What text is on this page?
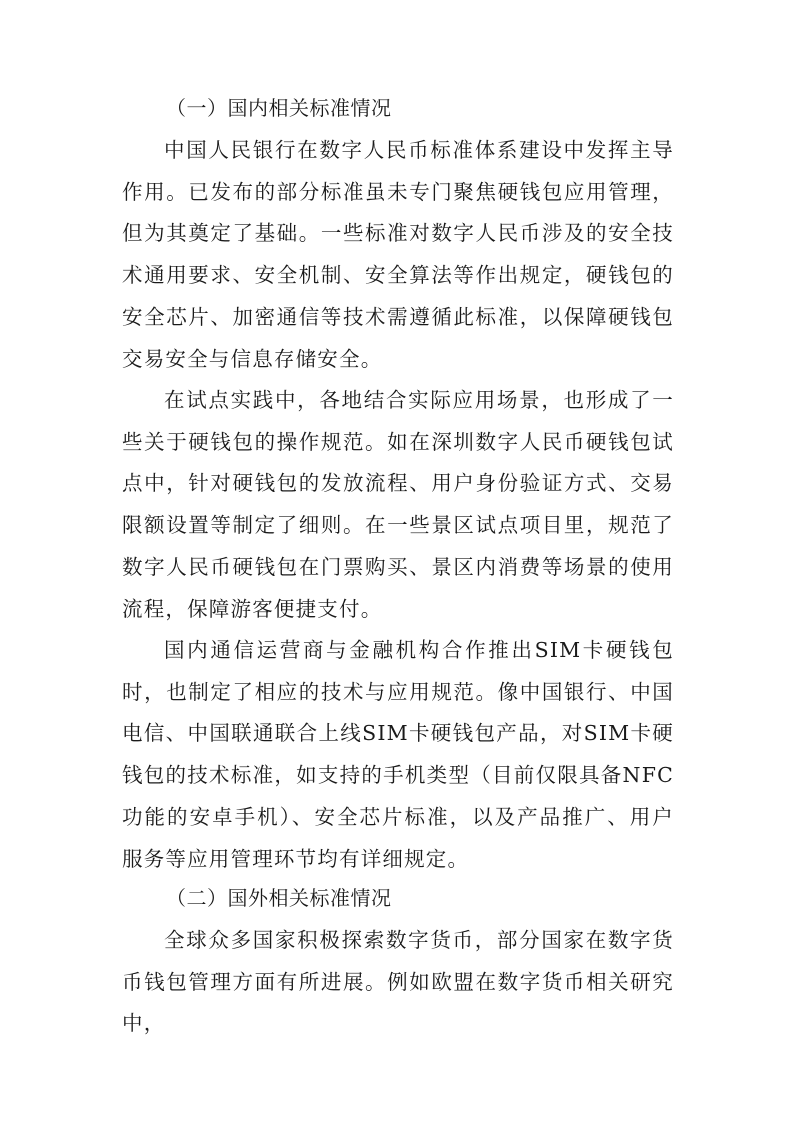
（一）国内相关标准情况

中国人民银行在数字人民币标准体系建设中发挥主导作用。已发布的部分标准虽未专门聚焦硬钱包应用管理，但为其奠定了基础。一些标准对数字人民币涉及的安全技术通用要求、安全机制、安全算法等作出规定，硬钱包的安全芯片、加密通信等技术需遵循此标准，以保障硬钱包交易安全与信息存储安全。

在试点实践中，各地结合实际应用场景，也形成了一些关于硬钱包的操作规范。如在深圳数字人民币硬钱包试点中，针对硬钱包的发放流程、用户身份验证方式、交易限额设置等制定了细则。在一些景区试点项目里，规范了数字人民币硬钱包在门票购买、景区内消费等场景的使用流程，保障游客便捷支付。

国内通信运营商与金融机构合作推出SIM卡硬钱包时，也制定了相应的技术与应用规范。像中国银行、中国电信、中国联通联合上线SIM卡硬钱包产品，对SIM卡硬钱包的技术标准，如支持的手机类型（目前仅限具备NFC功能的安卓手机）、安全芯片标准，以及产品推广、用户服务等应用管理环节均有详细规定。

（二）国外相关标准情况

全球众多国家积极探索数字货币，部分国家在数字货币钱包管理方面有所进展。例如欧盟在数字货币相关研究中，
